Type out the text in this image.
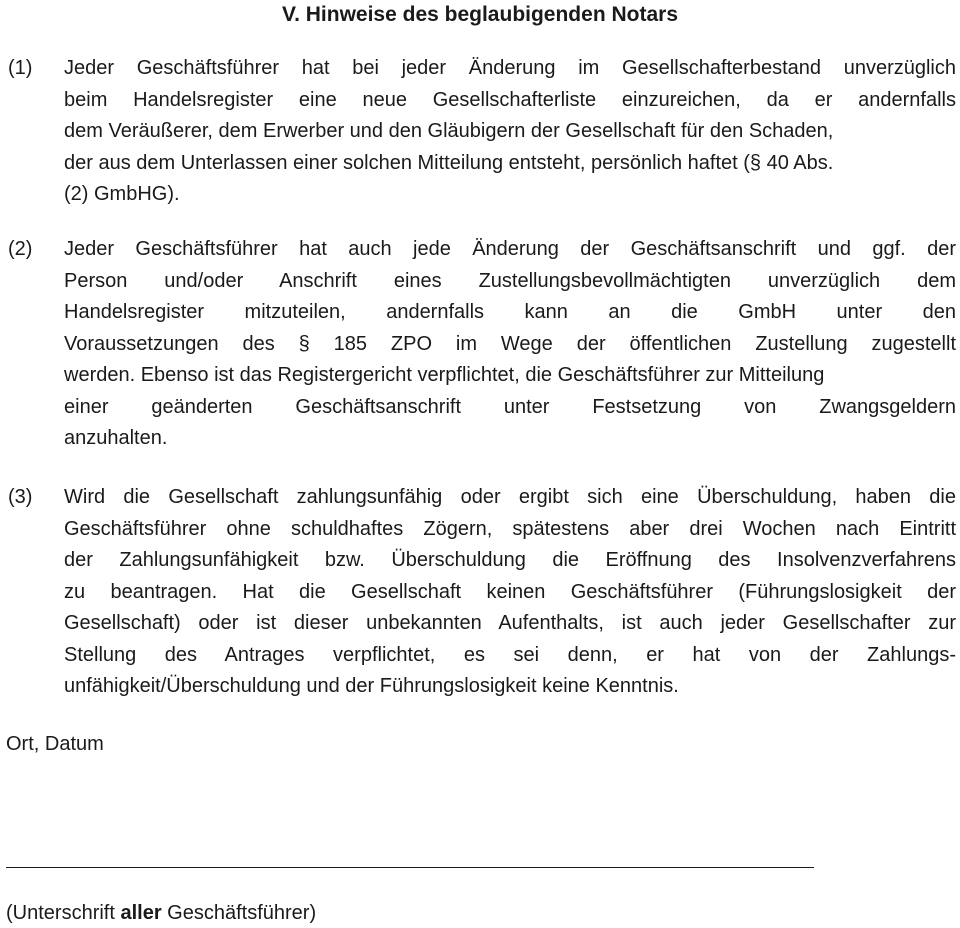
V. Hinweise des beglaubigenden Notars
(1) Jeder Geschäftsführer hat bei jeder Änderung im Gesellschafterbestand unverzüglich
beim Handelsregister eine neue Gesellschafterliste einzureichen, da er andernfalls
dem Veräußerer, dem Erwerber und den Gläubigern der Gesellschaft für den Schaden,
der aus dem Unterlassen einer solchen Mitteilung entsteht, persönlich haftet (§ 40 Abs.
(2) GmbHG).
(2) Jeder Geschäftsführer hat auch jede Änderung der Geschäftsanschrift und ggf. der
Person und/oder Anschrift eines Zustellungsbevollmächtigten unverzüglich dem
Handelsregister mitzuteilen, andernfalls kann an die GmbH unter den
Voraussetzungen des § 185 ZPO im Wege der öffentlichen Zustellung zugestellt
werden. Ebenso ist das Registergericht verpflichtet, die Geschäftsführer zur Mitteilung
einer geänderten Geschäftsanschrift unter Festsetzung von Zwangsgeldern
anzuhalten.
(3) Wird die Gesellschaft zahlungsunfähig oder ergibt sich eine Überschuldung, haben die
Geschäftsführer ohne schuldhaftes Zögern, spätestens aber drei Wochen nach Eintritt
der Zahlungsunfähigkeit bzw. Überschuldung die Eröffnung des Insolvenzverfahrens
zu beantragen. Hat die Gesellschaft keinen Geschäftsführer (Führungslosigkeit der
Gesellschaft) oder ist dieser unbekannten Aufenthalts, ist auch jeder Gesellschafter zur
Stellung des Antrages verpflichtet, es sei denn, er hat von der Zahlungs-
unfähigkeit/Überschuldung und der Führungslosigkeit keine Kenntnis.
Ort, Datum
(Unterschrift aller Geschäftsführer)
